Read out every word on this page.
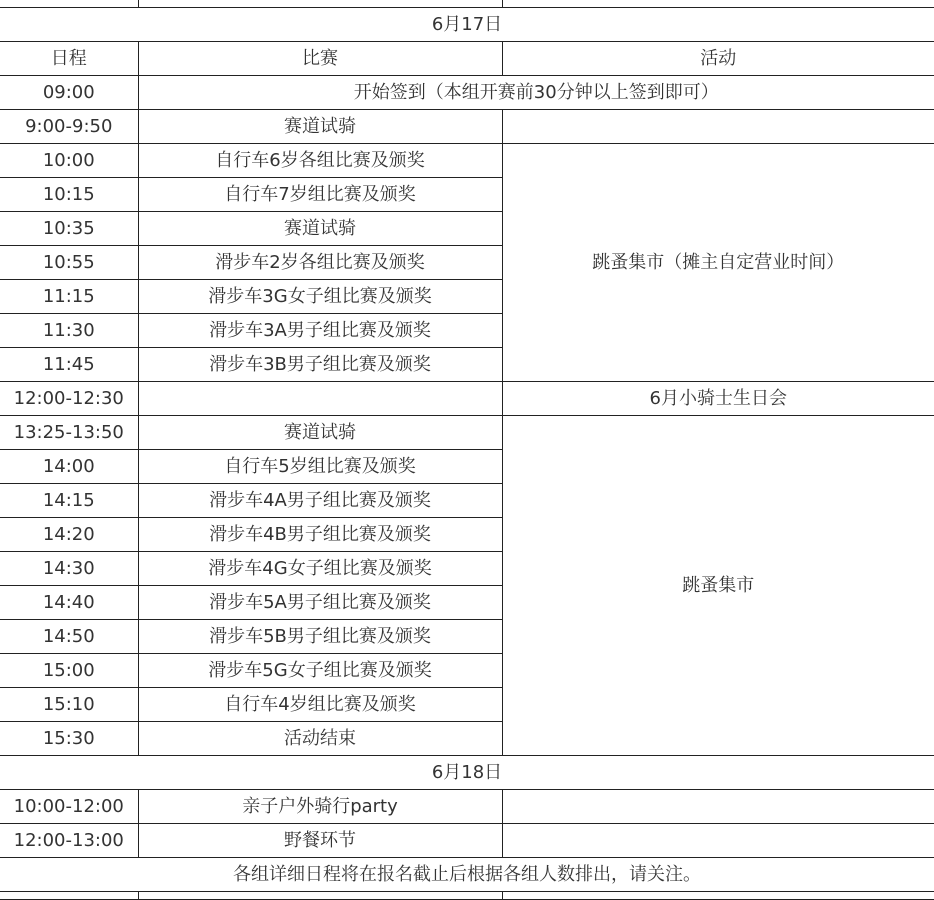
6月17日		
日程	比赛	活动
09:00	开始签到（本组开赛前30分钟以上签到即可）	
9:00-9:50	赛道试骑	
10:00	自行车6岁各组比赛及颁奖	跳蚤集市（摊主自定营业时间）
10:15	自行车7岁组比赛及颁奖	
10:35	赛道试骑	
10:55	滑步车2岁各组比赛及颁奖	
11:15	滑步车3G女子组比赛及颁奖	
11:30	滑步车3A男子组比赛及颁奖	
11:45	滑步车3B男子组比赛及颁奖	
12:00-12:30		6月小骑士生日会
13:25-13:50	赛道试骑	跳蚤集市
14:00	自行车5岁组比赛及颁奖	
14:15	滑步车4A男子组比赛及颁奖	
14:20	滑步车4B男子组比赛及颁奖	
14:30	滑步车4G女子组比赛及颁奖	
14:40	滑步车5A男子组比赛及颁奖	
14:50	滑步车5B男子组比赛及颁奖	
15:00	滑步车5G女子组比赛及颁奖	
15:10	自行车4岁组比赛及颁奖	
15:30	活动结束	
6月18日		
10:00-12:00	亲子户外骑行party	
12:00-13:00	野餐环节	
各组详细日程将在报名截止后根据各组人数排出，请关注。		
